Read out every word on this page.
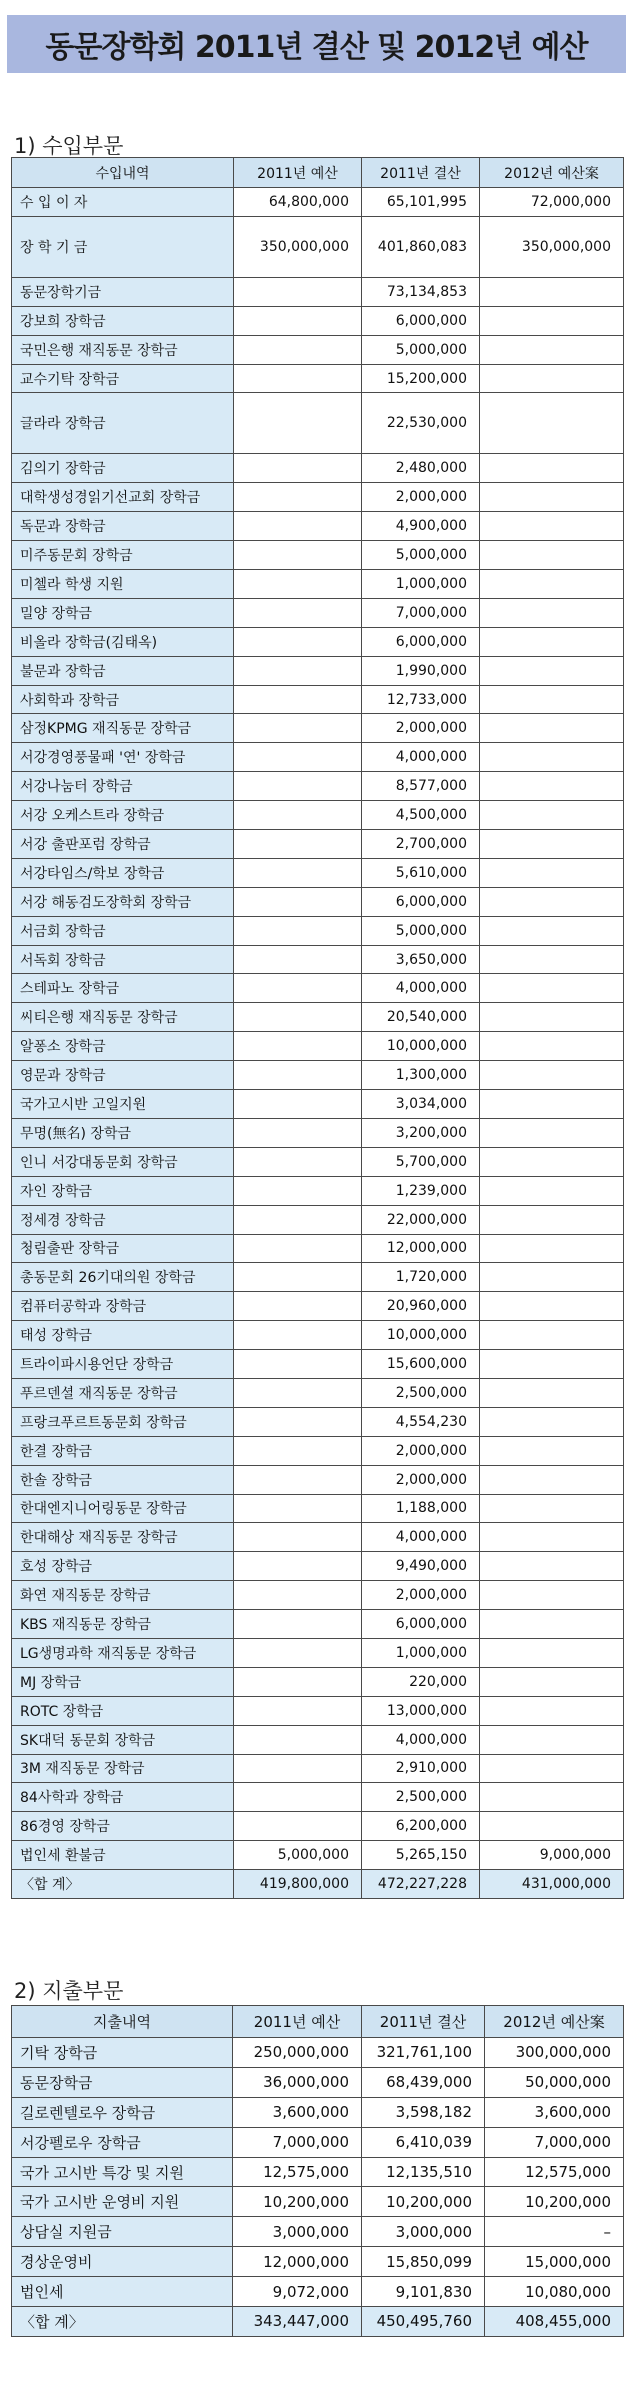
동문장학회 2011년 결산 및 2012년 예산
1) 수입부문
수입내역	2011년 예산	2011년 결산	2012년 예산案
수 입 이 자	64,800,000	65,101,995	72,000,000
장 학 기 금	350,000,000	401,860,083	350,000,000
동문장학기금		73,134,853	
강보희 장학금		6,000,000	
국민은행 재직동문 장학금		5,000,000	
교수기탁 장학금		15,200,000	
글라라 장학금		22,530,000	
김의기 장학금		2,480,000	
대학생성경읽기선교회 장학금		2,000,000	
독문과 장학금		4,900,000	
미주동문회 장학금		5,000,000	
미첼라 학생 지원		1,000,000	
밀양 장학금		7,000,000	
비올라 장학금(김태옥)		6,000,000	
불문과 장학금		1,990,000	
사회학과 장학금		12,733,000	
삼정KPMG 재직동문 장학금		2,000,000	
서강경영풍물패 '연' 장학금		4,000,000	
서강나눔터 장학금		8,577,000	
서강 오케스트라 장학금		4,500,000	
서강 출판포럼 장학금		2,700,000	
서강타임스/학보 장학금		5,610,000	
서강 해동검도장학회 장학금		6,000,000	
서금회 장학금		5,000,000	
서독회 장학금		3,650,000	
스테파노 장학금		4,000,000	
씨티은행 재직동문 장학금		20,540,000	
알퐁소 장학금		10,000,000	
영문과 장학금		1,300,000	
국가고시반 고일지원		3,034,000	
무명(無名) 장학금		3,200,000	
인니 서강대동문회 장학금		5,700,000	
자인 장학금		1,239,000	
정세경 장학금		22,000,000	
청림출판 장학금		12,000,000	
총동문회 26기대의원 장학금		1,720,000	
컴퓨터공학과 장학금		20,960,000	
태성 장학금		10,000,000	
트라이파시용언단 장학금		15,600,000	
푸르덴셜 재직동문 장학금		2,500,000	
프랑크푸르트동문회 장학금		4,554,230	
한결 장학금		2,000,000	
한솔 장학금		2,000,000	
한대엔지니어링동문 장학금		1,188,000	
한대해상 재직동문 장학금		4,000,000	
호성 장학금		9,490,000	
화연 재직동문 장학금		2,000,000	
KBS 재직동문 장학금		6,000,000	
LG생명과학 재직동문 장학금		1,000,000	
MJ 장학금		220,000	
ROTC 장학금		13,000,000	
SK대덕 동문회 장학금		4,000,000	
3M 재직동문 장학금		2,910,000	
84사학과 장학금		2,500,000	
86경영 장학금		6,200,000	
법인세 환불금	5,000,000	5,265,150	9,000,000
〈합 계〉	419,800,000	472,227,228	431,000,000
2) 지출부문
지출내역	2011년 예산	2011년 결산	2012년 예산案
기탁 장학금	250,000,000	321,761,100	300,000,000
동문장학금	36,000,000	68,439,000	50,000,000
길로렌텔로우 장학금	3,600,000	3,598,182	3,600,000
서강펠로우 장학금	7,000,000	6,410,039	7,000,000
국가 고시반 특강 및 지원	12,575,000	12,135,510	12,575,000
국가 고시반 운영비 지원	10,200,000	10,200,000	10,200,000
상담실 지원금	3,000,000	3,000,000	–
경상운영비	12,000,000	15,850,099	15,000,000
법인세	9,072,000	9,101,830	10,080,000
〈합 계〉	343,447,000	450,495,760	408,455,000
